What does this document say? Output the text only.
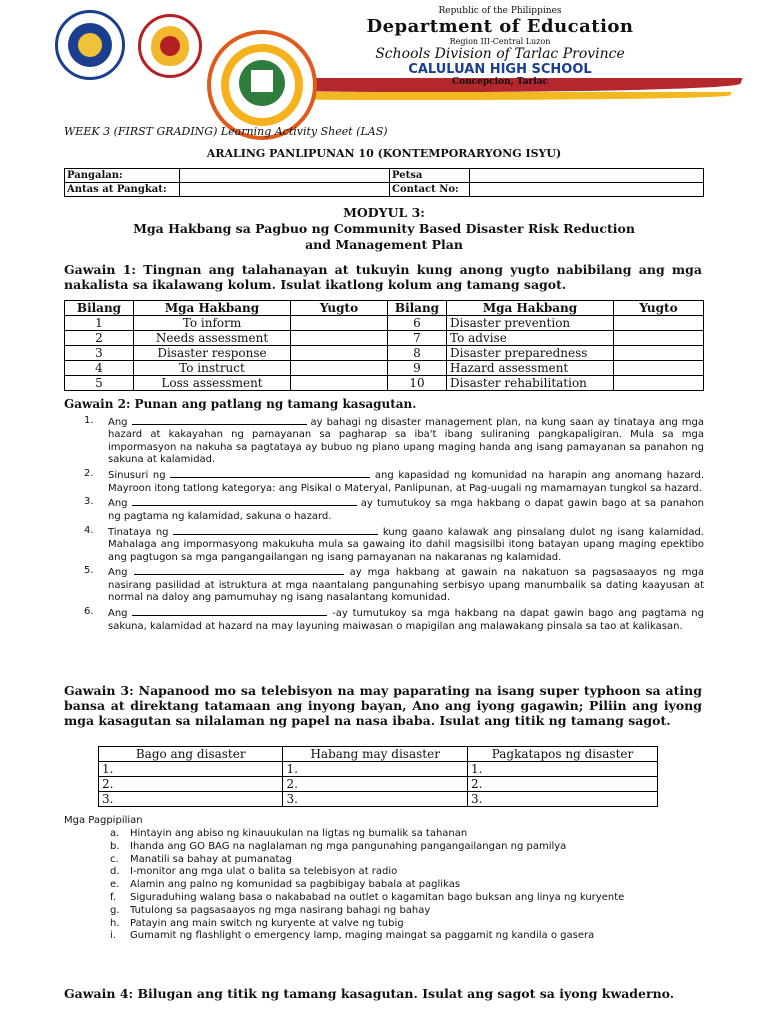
Republic of the Philippines
Department of Education
Region III-Central Luzon
Schools Division of Tarlac Province
CALULUAN HIGH SCHOOL
Concepcion, Tarlac
WEEK 3 (FIRST GRADING) Learning Activity Sheet (LAS)
ARALING PANLIPUNAN 10 (KONTEMPORARYONG ISYU)
Pangalan:		Petsa	
Antas at Pangkat:		Contact No:	
MODYUL 3:
Mga Hakbang sa Pagbuo ng Community Based Disaster Risk Reduction
and Management Plan
Gawain 1: Tingnan ang talahanayan at tukuyin kung anong yugto nabibilang ang mga nakalista sa ikalawang kolum. Isulat ikatlong kolum ang tamang sagot.
Bilang	Mga Hakbang	Yugto	Bilang	Mga Hakbang	Yugto
1	To inform		6	Disaster prevention	
2	Needs assessment		7	To advise	
3	Disaster response		8	Disaster preparedness	
4	To instruct		9	Hazard assessment	
5	Loss assessment		10	Disaster rehabilitation	
Gawain 2: Punan ang patlang ng tamang kasagutan.
1. Ang	ay bahagi ng disaster management plan, na kung saan ay tinataya ang mga hazard at kakayahan ng pamayanan sa pagharap sa iba't ibang suliraning pangkapaligiran. Mula sa mga impormasyon na nakuha sa pagtataya ay bubuo ng plano upang maging handa ang isang pamayanan sa panahon ng sakuna at kalamidad.
2. Sinusuri ng	ang kapasidad ng komunidad na harapin ang anomang hazard. Mayroon itong tatlong kategorya: ang Pisikal o Materyal, Panlipunan, at Pag-uugali ng mamamayan tungkol sa hazard.
3. Ang	ay tumutukoy sa mga hakbang o dapat gawin bago at sa panahon ng pagtama ng kalamidad, sakuna o hazard.
4. Tinataya ng	kung gaano kalawak ang pinsalang dulot ng isang kalamidad. Mahalaga ang impormasyong makukuha mula sa gawaing ito dahil magsisilbi itong batayan upang maging epektibo ang pagtugon sa mga pangangailangan ng isang pamayanan na nakaranas ng kalamidad.
5. Ang	ay mga hakbang at gawain na nakatuon sa pagsasaayos ng mga nasirang pasilidad at istruktura at mga naantalang pangunahing serbisyo upang manumbalik sa dating kaayusan at normal na daloy ang pamumuhay ng isang nasalantang komunidad.
6. Ang	-ay tumutukoy sa mga hakbang na dapat gawin bago ang pagtama ng sakuna, kalamidad at hazard na may layuning maiwasan o mapigilan ang malawakang pinsala sa tao at kalikasan.
Gawain 3: Napanood mo sa telebisyon na may paparating na isang super typhoon sa ating bansa at direktang tatamaan ang inyong bayan, Ano ang iyong gagawin; Piliin ang iyong mga kasagutan sa nilalaman ng papel na nasa ibaba. Isulat ang titik ng tamang sagot.
Bago ang disaster	Habang may disaster	Pagkatapos ng disaster
1.	1.	1.
2.	2.	2.
3.	3.	3.
Mga Pagpipilian
a. Hintayin ang abiso ng kinauukulan na ligtas ng bumalik sa tahanan
b. Ihanda ang GO BAG na naglalaman ng mga pangunahing pangangailangan ng pamilya
c. Manatili sa bahay at pumanatag
d. I-monitor ang mga ulat o balita sa telebisyon at radio
e. Alamin ang palno ng komunidad sa pagbibigay babala at paglikas
f. Siguraduhing walang basa o nakababad na outlet o kagamitan bago buksan ang linya ng kuryente
g. Tutulong sa pagsasaayos ng mga nasirang bahagi ng bahay
h. Patayin ang main switch ng kuryente at valve ng tubig
i. Gumamit ng flashlight o emergency lamp, maging maingat sa paggamit ng kandila o gasera
Gawain 4: Bilugan ang titik ng tamang kasagutan. Isulat ang sagot sa iyong kwaderno.
